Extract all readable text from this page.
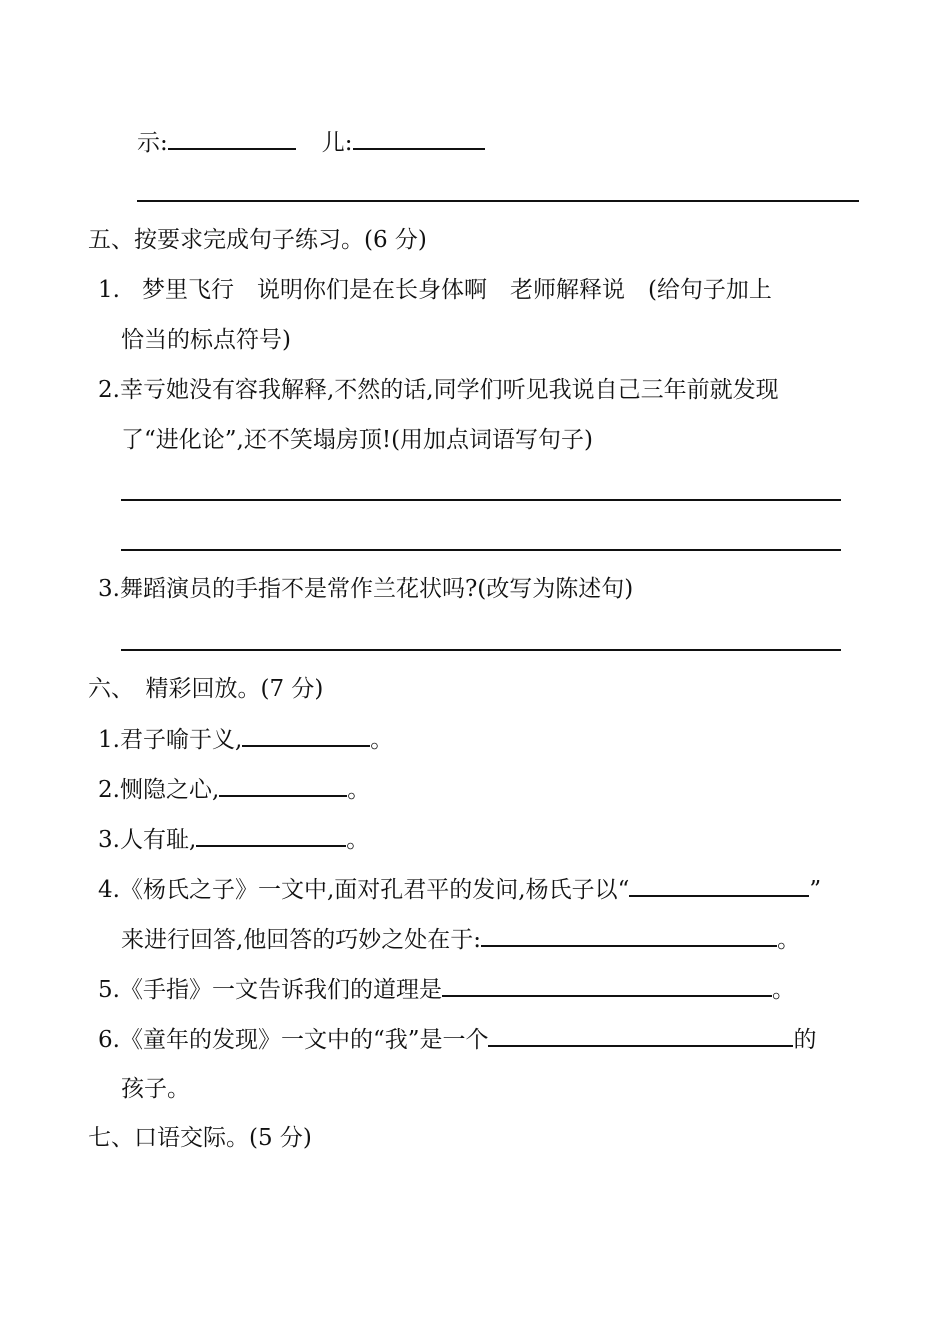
示:	儿:
五、按要求完成句子练习。(6 分)
1. 梦里飞行　说明你们是在长身体啊　老师解释说　(给句子加上
恰当的标点符号)
2.幸亏她没有容我解释,不然的话,同学们听见我说自己三年前就发现
了“进化论”,还不笑塌房顶!(用加点词语写句子)
3.舞蹈演员的手指不是常作兰花状吗?(改写为陈述句)
六、　精彩回放。(7 分)
1.君子喻于义,	。
2.恻隐之心,	。
3.人有耻,	。
4.《杨氏之子》一文中,面对孔君平的发问,杨氏子以“	”
来进行回答,他回答的巧妙之处在于:	。
5.《手指》一文告诉我们的道理是	。
6.《童年的发现》一文中的“我”是一个	的
孩子。
七、口语交际。(5 分)
